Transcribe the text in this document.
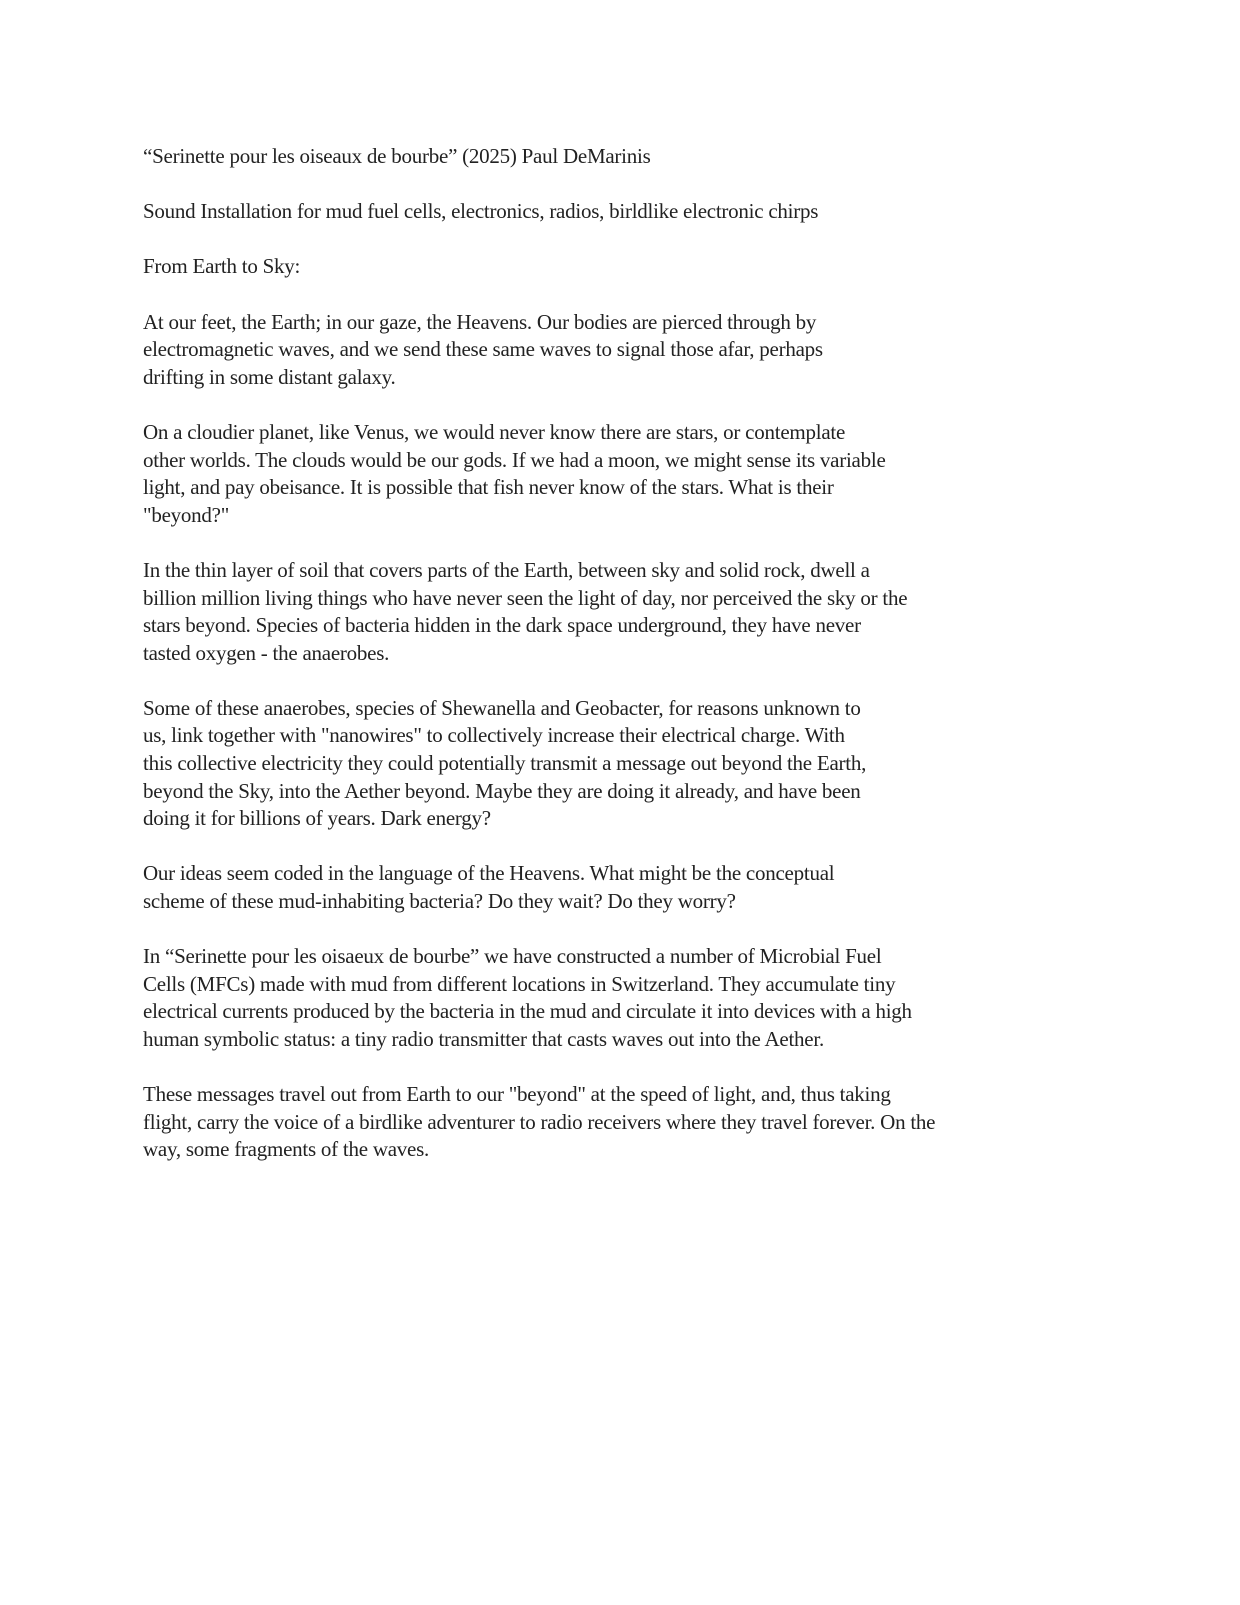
“Serinette pour les oiseaux de bourbe” (2025) Paul DeMarinis

Sound Installation for mud fuel cells, electronics, radios, birldlike electronic chirps

From Earth to Sky:

At our feet, the Earth; in our gaze, the Heavens. Our bodies are pierced through by
electromagnetic waves, and we send these same waves to signal those afar, perhaps
drifting in some distant galaxy.

On a cloudier planet, like Venus, we would never know there are stars, or contemplate
other worlds. The clouds would be our gods. If we had a moon, we might sense its variable
light, and pay obeisance. It is possible that fish never know of the stars. What is their
"beyond?"

In the thin layer of soil that covers parts of the Earth, between sky and solid rock, dwell a
billion million living things who have never seen the light of day, nor perceived the sky or the
stars beyond. Species of bacteria hidden in the dark space underground, they have never
tasted oxygen - the anaerobes.

Some of these anaerobes, species of Shewanella and Geobacter, for reasons unknown to
us, link together with "nanowires" to collectively increase their electrical charge. With
this collective electricity they could potentially transmit a message out beyond the Earth,
beyond the Sky, into the Aether beyond. Maybe they are doing it already, and have been
doing it for billions of years. Dark energy?

Our ideas seem coded in the language of the Heavens. What might be the conceptual
scheme of these mud-inhabiting bacteria? Do they wait? Do they worry?

In “Serinette pour les oisaeux de bourbe” we have constructed a number of Microbial Fuel
Cells (MFCs) made with mud from different locations in Switzerland. They accumulate tiny
electrical currents produced by the bacteria in the mud and circulate it into devices with a high
human symbolic status: a tiny radio transmitter that casts waves out into the Aether.

These messages travel out from Earth to our "beyond" at the speed of light, and, thus taking
flight, carry the voice of a birdlike adventurer to radio receivers where they travel forever. On the
way, some fragments of the waves.
